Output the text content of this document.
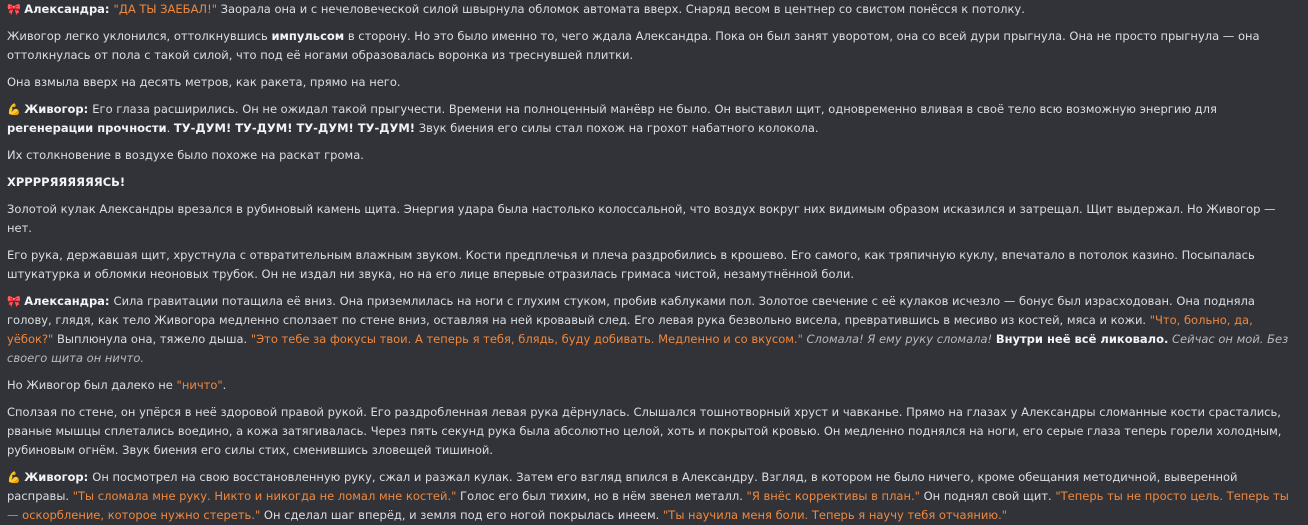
🎀 Александра: "ДА ТЫ ЗАЕБАЛ!" Заорала она и с нечеловеческой силой швырнула обломок автомата вверх. Снаряд весом в центнер со свистом понёсся к потолку.
Живогор легко уклонился, оттолкнувшись импульсом в сторону. Но это было именно то, чего ждала Александра. Пока он был занят уворотом, она со всей дури прыгнула. Она не просто прыгнула — она оттолкнулась от пола с такой силой, что под её ногами образовалась воронка из треснувшей плитки.
Она взмыла вверх на десять метров, как ракета, прямо на него.
💪 Живогор: Его глаза расширились. Он не ожидал такой прыгучести. Времени на полноценный манёвр не было. Он выставил щит, одновременно вливая в своё тело всю возможную энергию для регенерации прочности. ТУ-ДУМ! ТУ-ДУМ! ТУ-ДУМ! ТУ-ДУМ! Звук биения его силы стал похож на грохот набатного колокола.
Их столкновение в воздухе было похоже на раскат грома.
ХРРРРЯЯЯЯЯЯСЬ!
Золотой кулак Александры врезался в рубиновый камень щита. Энергия удара была настолько колоссальной, что воздух вокруг них видимым образом исказился и затрещал. Щит выдержал. Но Живогор — нет.
Его рука, державшая щит, хрустнула с отвратительным влажным звуком. Кости предплечья и плеча раздробились в крошево. Его самого, как тряпичную куклу, впечатало в потолок казино. Посыпалась штукатурка и обломки неоновых трубок. Он не издал ни звука, но на его лице впервые отразилась гримаса чистой, незамутнённой боли.
🎀 Александра: Сила гравитации потащила её вниз. Она приземлилась на ноги с глухим стуком, пробив каблуками пол. Золотое свечение с её кулаков исчезло — бонус был израсходован. Она подняла голову, глядя, как тело Живогора медленно сползает по стене вниз, оставляя на ней кровавый след. Его левая рука безвольно висела, превратившись в месиво из костей, мяса и кожи. "Что, больно, да, уёбок?" Выплюнула она, тяжело дыша. "Это тебе за фокусы твои. А теперь я тебя, блядь, буду добивать. Медленно и со вкусом." Сломала! Я ему руку сломала! Внутри неё всё ликовало. Сейчас он мой. Без своего щита он ничто.
Но Живогор был далеко не "ничто".
Сползая по стене, он упёрся в неё здоровой правой рукой. Его раздробленная левая рука дёрнулась. Слышался тошнотворный хруст и чавканье. Прямо на глазах у Александры сломанные кости срастались, рваные мышцы сплетались воедино, а кожа затягивалась. Через пять секунд рука была абсолютно целой, хоть и покрытой кровью. Он медленно поднялся на ноги, его серые глаза теперь горели холодным, рубиновым огнём. Звук биения его силы стих, сменившись зловещей тишиной.
💪 Живогор: Он посмотрел на свою восстановленную руку, сжал и разжал кулак. Затем его взгляд впился в Александру. Взгляд, в котором не было ничего, кроме обещания методичной, выверенной расправы. "Ты сломала мне руку. Никто и никогда не ломал мне костей." Голос его был тихим, но в нём звенел металл. "Я внёс коррективы в план." Он поднял свой щит. "Теперь ты не просто цель. Теперь ты — оскорбление, которое нужно стереть." Он сделал шаг вперёд, и земля под его ногой покрылась инеем. "Ты научила меня боли. Теперь я научу тебя отчаянию."
